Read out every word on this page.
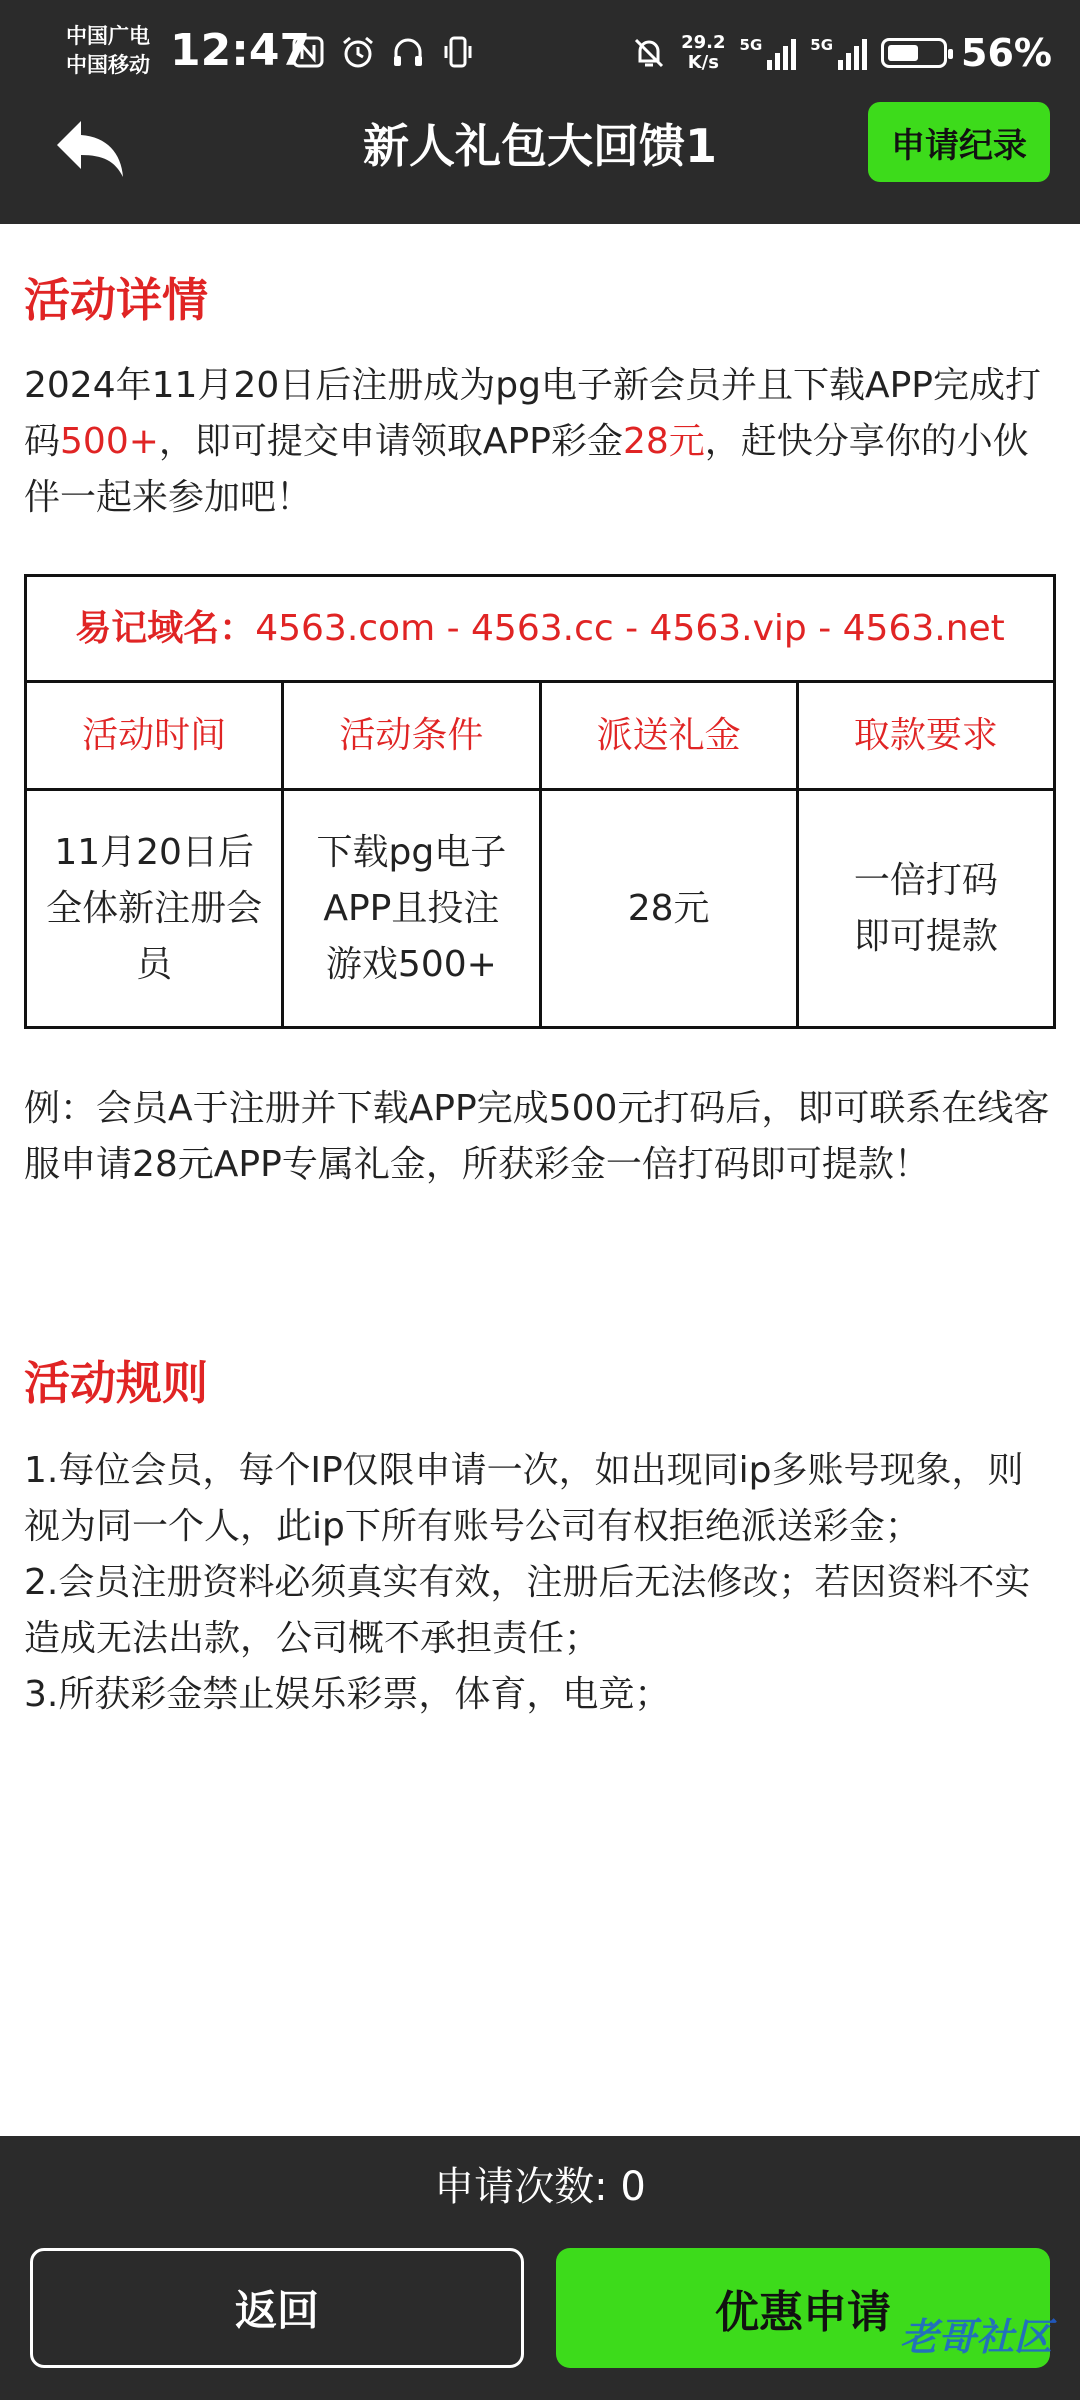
中国广电
中国移动 12:47	29.2
K/s
5G	5G	56%
新人礼包大回馈1	申请纪录
活动详情

2024年11月20日后注册成为pg电子新会员并且下载APP完成打码500+，即可提交申请领取APP彩金28元，赶快分享你的小伙伴一起来参加吧！

易记域名：4563.com - 4563.cc - 4563.vip - 4563.net			
活动时间	活动条件	派送礼金	取款要求
11月20日后全体新注册会员	下载pg电子APP且投注游戏500+	28元	一倍打码即可提款

例：会员A于注册并下载APP完成500元打码后，即可联系在线客服申请28元APP专属礼金，所获彩金一倍打码即可提款！

活动规则

1.每位会员，每个IP仅限申请一次，如出现同ip多账号现象，则视为同一个人，此ip下所有账号公司有权拒绝派送彩金；

2.会员注册资料必须真实有效，注册后无法修改；若因资料不实造成无法出款，公司概不承担责任；

3.所获彩金禁止娱乐彩票，体育，电竞；

申请次数: 0
返回	优惠申请 老哥社区
